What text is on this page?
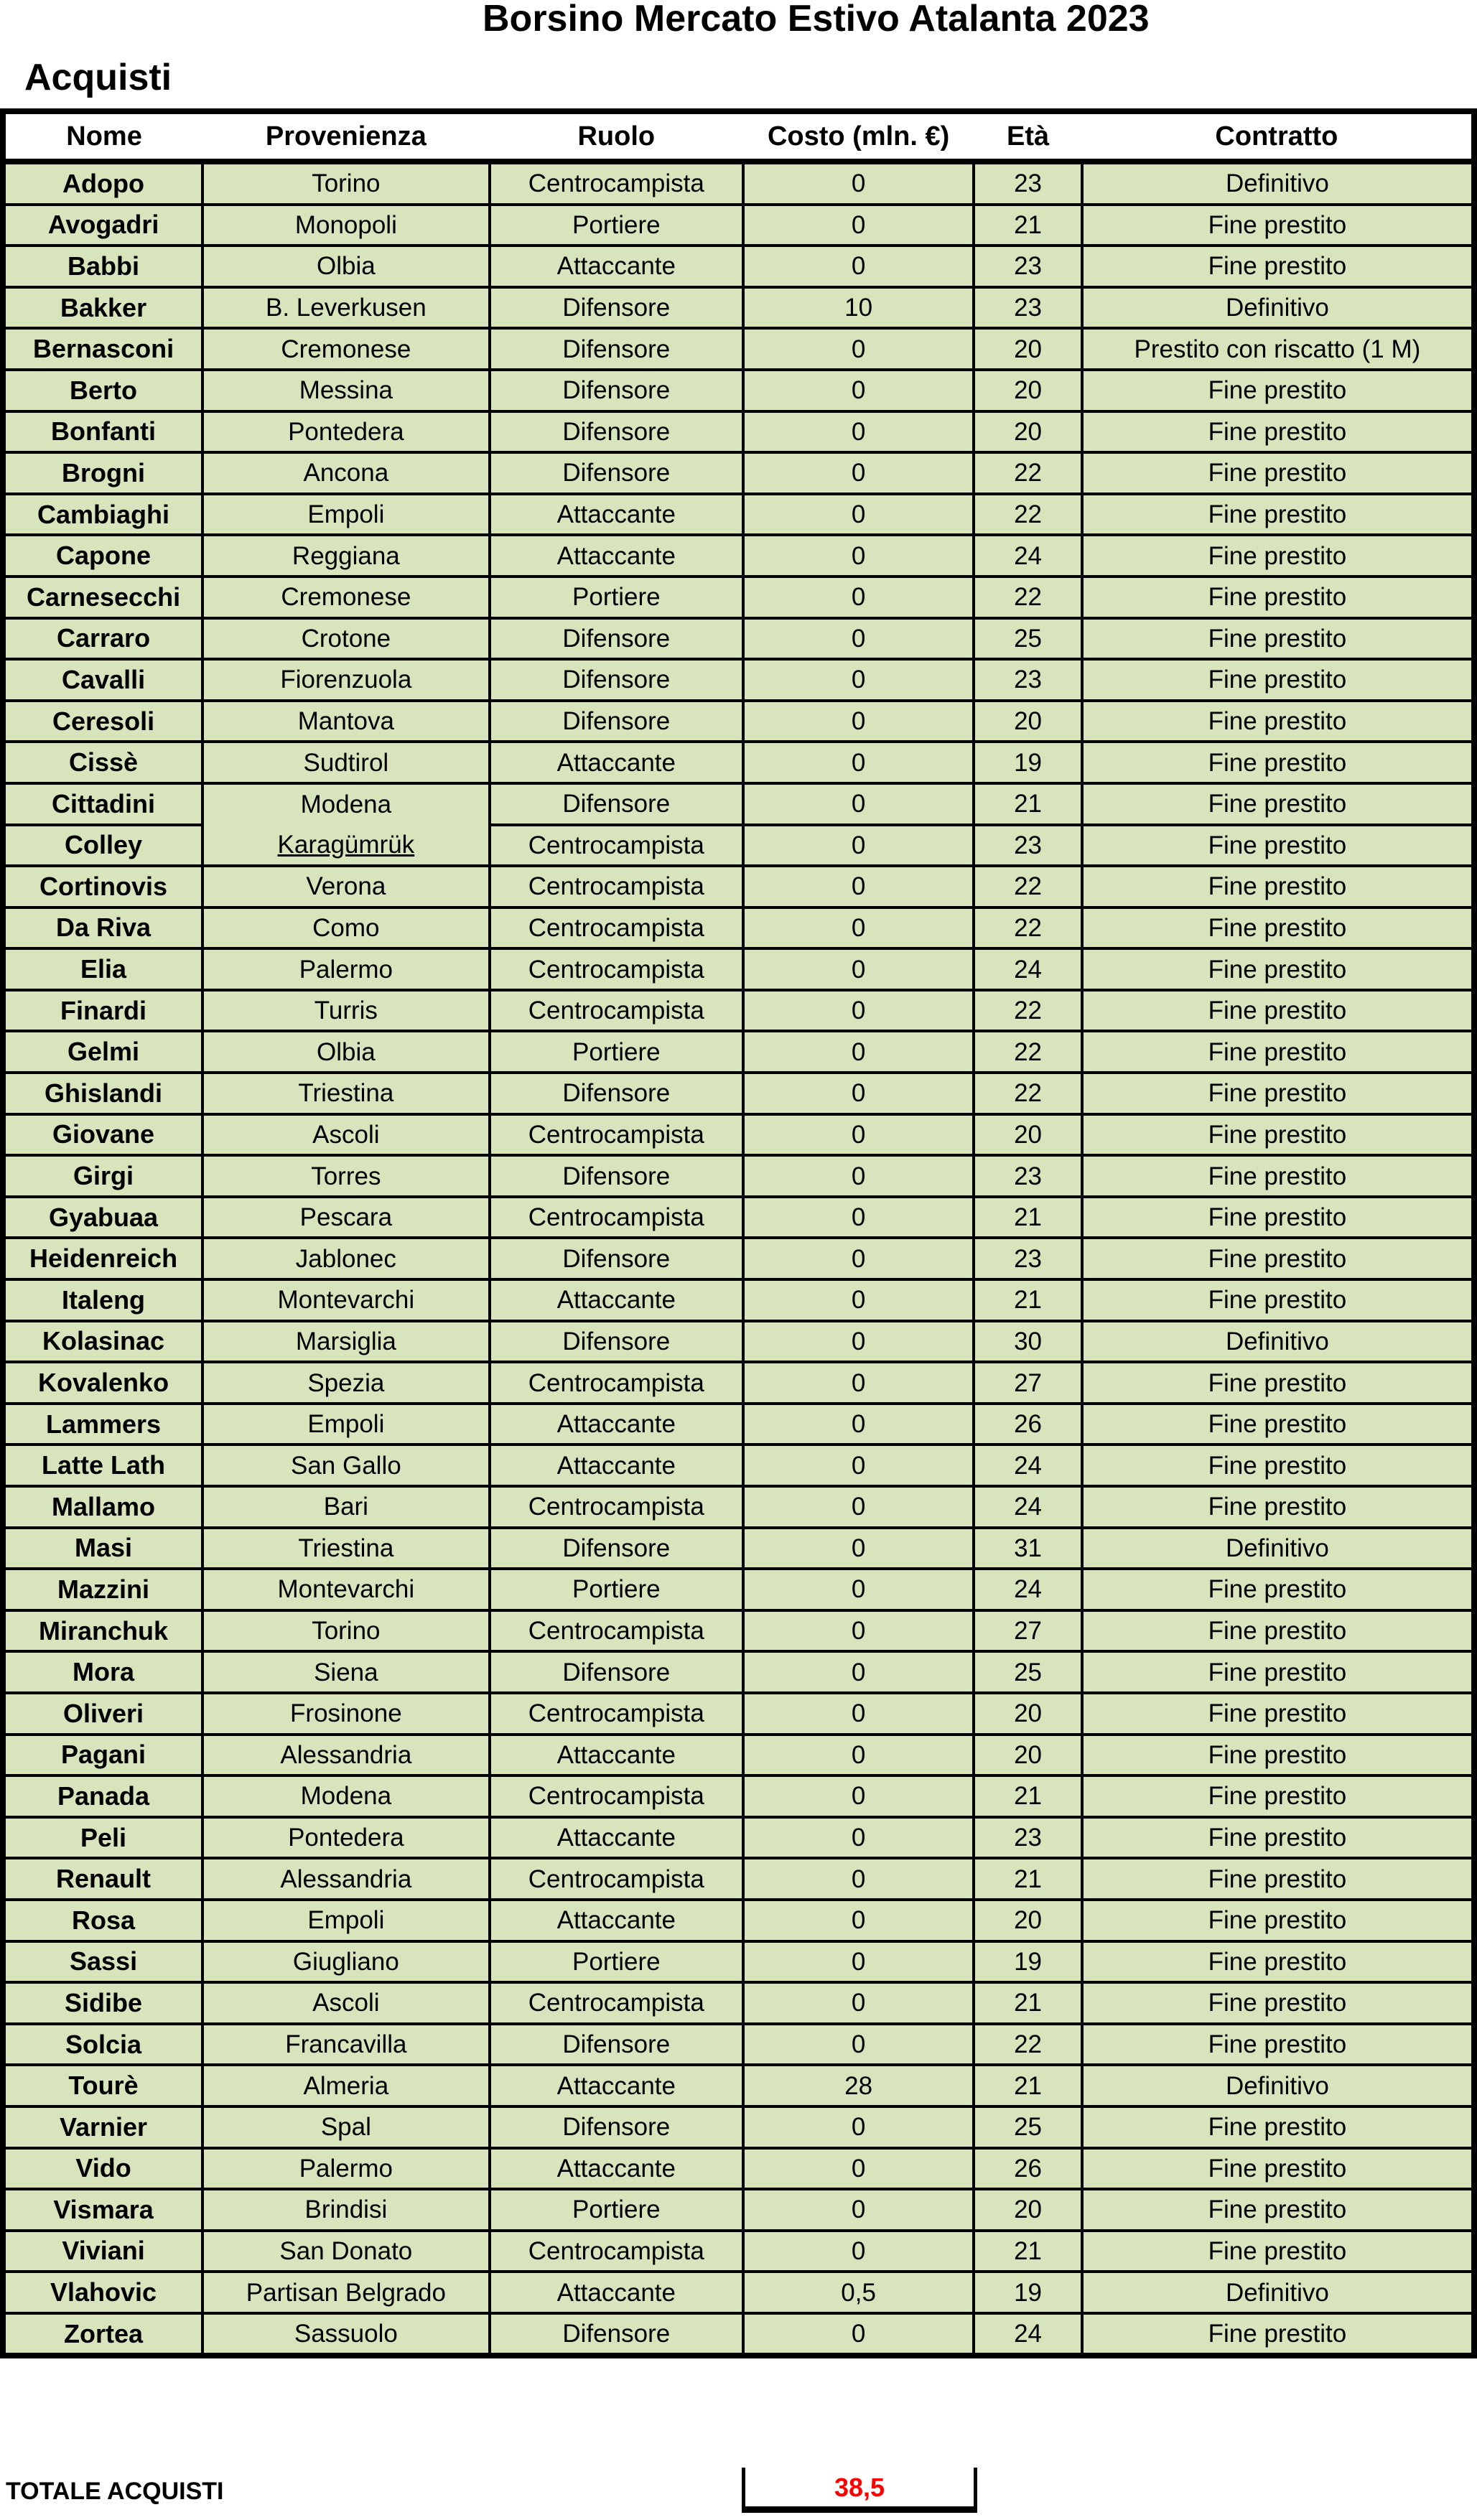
Borsino Mercato Estivo Atalanta 2023
Acquisti
Nome	Provenienza	Ruolo	Costo (mln. €)	Età	Contratto
Adopo	Torino	Centrocampista	0	23	Definitivo
Avogadri	Monopoli	Portiere	0	21	Fine prestito
Babbi	Olbia	Attaccante	0	23	Fine prestito
Bakker	B. Leverkusen	Difensore	10	23	Definitivo
Bernasconi	Cremonese	Difensore	0	20	Prestito con riscatto (1 M)
Berto	Messina	Difensore	0	20	Fine prestito
Bonfanti	Pontedera	Difensore	0	20	Fine prestito
Brogni	Ancona	Difensore	0	22	Fine prestito
Cambiaghi	Empoli	Attaccante	0	22	Fine prestito
Capone	Reggiana	Attaccante	0	24	Fine prestito
Carnesecchi	Cremonese	Portiere	0	22	Fine prestito
Carraro	Crotone	Difensore	0	25	Fine prestito
Cavalli	Fiorenzuola	Difensore	0	23	Fine prestito
Ceresoli	Mantova	Difensore	0	20	Fine prestito
Cissè	Sudtirol	Attaccante	0	19	Fine prestito
Cittadini	Modena	Difensore	0	21	Fine prestito
Colley	Karagümrük	Centrocampista	0	23	Fine prestito
Cortinovis	Verona	Centrocampista	0	22	Fine prestito
Da Riva	Como	Centrocampista	0	22	Fine prestito
Elia	Palermo	Centrocampista	0	24	Fine prestito
Finardi	Turris	Centrocampista	0	22	Fine prestito
Gelmi	Olbia	Portiere	0	22	Fine prestito
Ghislandi	Triestina	Difensore	0	22	Fine prestito
Giovane	Ascoli	Centrocampista	0	20	Fine prestito
Girgi	Torres	Difensore	0	23	Fine prestito
Gyabuaa	Pescara	Centrocampista	0	21	Fine prestito
Heidenreich	Jablonec	Difensore	0	23	Fine prestito
Italeng	Montevarchi	Attaccante	0	21	Fine prestito
Kolasinac	Marsiglia	Difensore	0	30	Definitivo
Kovalenko	Spezia	Centrocampista	0	27	Fine prestito
Lammers	Empoli	Attaccante	0	26	Fine prestito
Latte Lath	San Gallo	Attaccante	0	24	Fine prestito
Mallamo	Bari	Centrocampista	0	24	Fine prestito
Masi	Triestina	Difensore	0	31	Definitivo
Mazzini	Montevarchi	Portiere	0	24	Fine prestito
Miranchuk	Torino	Centrocampista	0	27	Fine prestito
Mora	Siena	Difensore	0	25	Fine prestito
Oliveri	Frosinone	Centrocampista	0	20	Fine prestito
Pagani	Alessandria	Attaccante	0	20	Fine prestito
Panada	Modena	Centrocampista	0	21	Fine prestito
Peli	Pontedera	Attaccante	0	23	Fine prestito
Renault	Alessandria	Centrocampista	0	21	Fine prestito
Rosa	Empoli	Attaccante	0	20	Fine prestito
Sassi	Giugliano	Portiere	0	19	Fine prestito
Sidibe	Ascoli	Centrocampista	0	21	Fine prestito
Solcia	Francavilla	Difensore	0	22	Fine prestito
Tourè	Almeria	Attaccante	28	21	Definitivo
Varnier	Spal	Difensore	0	25	Fine prestito
Vido	Palermo	Attaccante	0	26	Fine prestito
Vismara	Brindisi	Portiere	0	20	Fine prestito
Viviani	San Donato	Centrocampista	0	21	Fine prestito
Vlahovic	Partisan Belgrado	Attaccante	0,5	19	Definitivo
Zortea	Sassuolo	Difensore	0	24	Fine prestito
TOTALE ACQUISTI	38,5
